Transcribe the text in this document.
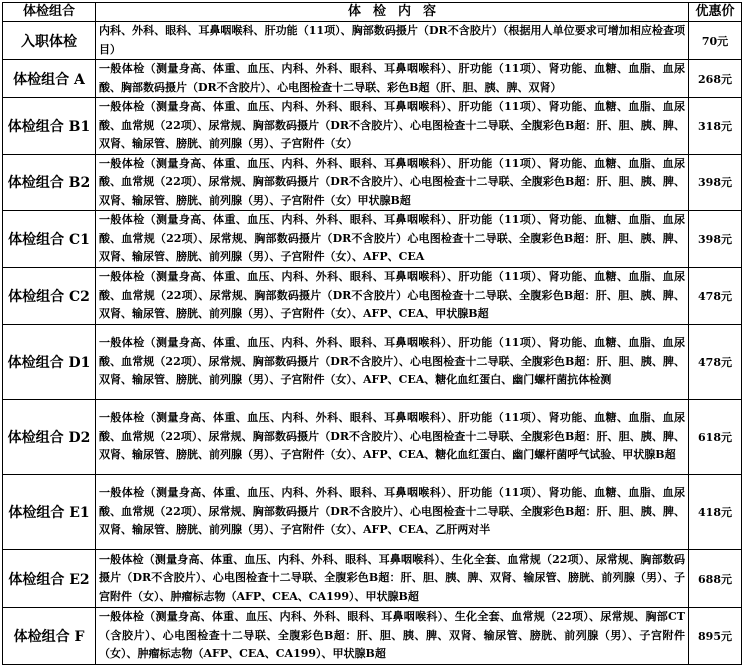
体检组合	体检内容	优惠价
入职体检	内科、外科、眼科、耳鼻咽喉科、肝功能（11项）、胸部数码摄片（DR不含胶片）（根据用人单位要求可增加相应检查项目）	70元
体检组合 A	一般体检（测量身高、体重、血压、内科、外科、眼科、耳鼻咽喉科）、肝功能（11项）、肾功能、血糖、血脂、血尿酸、胸部数码摄片（DR不含胶片）、心电图检查十二导联、彩色B超（肝、胆、胰、脾、双肾）	268元
体检组合 B1	一般体检（测量身高、体重、血压、内科、外科、眼科、耳鼻咽喉科）、肝功能（11项）、肾功能、血糖、血脂、血尿酸、血常规（22项）、尿常规、胸部数码摄片（DR不含胶片）、心电图检查十二导联、全腹彩色B超：肝、胆、胰、脾、双肾、输尿管、膀胱、前列腺（男）、子宫附件（女）	318元
体检组合 B2	一般体检（测量身高、体重、血压、内科、外科、眼科、耳鼻咽喉科）、肝功能（11项）、肾功能、血糖、血脂、血尿酸、血常规（22项）、尿常规、胸部数码摄片（DR不含胶片）、心电图检查十二导联、全腹彩色B超：肝、胆、胰、脾、双肾、输尿管、膀胱、前列腺（男）、子宫附件（女）甲状腺B超	398元
体检组合 C1	一般体检（测量身高、体重、血压、内科、外科、眼科、耳鼻咽喉科）、肝功能（11项）、肾功能、血糖、血脂、血尿酸、血常规（22项）、尿常规、胸部数码摄片（DR不含胶片）心电图检查十二导联、全腹彩色B超：肝、胆、胰、脾、双肾、输尿管、膀胱、前列腺（男）、子宫附件（女）、AFP、CEA	398元
体检组合 C2	一般体检（测量身高、体重、血压、内科、外科、眼科、耳鼻咽喉科）、肝功能（11项）、肾功能、血糖、血脂、血尿酸、血常规（22项）、尿常规、胸部数码摄片（DR不含胶片）心电图检查十二导联、全腹彩色B超：肝、胆、胰、脾、双肾、输尿管、膀胱、前列腺（男）、子宫附件（女）、AFP、CEA、甲状腺B超	478元
体检组合 D1	一般体检（测量身高、体重、血压、内科、外科、眼科、耳鼻咽喉科）、肝功能（11项）、肾功能、血糖、血脂、血尿酸、血常规（22项）、尿常规、胸部数码摄片（DR不含胶片）、心电图检查十二导联、全腹彩色B超：肝、胆、胰、脾、双肾、输尿管、膀胱、前列腺（男）、子宫附件（女）、AFP、CEA、糖化血红蛋白、幽门螺杆菌抗体检测	478元
体检组合 D2	一般体检（测量身高、体重、血压、内科、外科、眼科、耳鼻咽喉科）、肝功能（11项）、肾功能、血糖、血脂、血尿酸、血常规（22项）、尿常规、胸部数码摄片（DR不含胶片）、心电图检查十二导联、全腹彩色B超：肝、胆、胰、脾、双肾、输尿管、膀胱、前列腺（男）、子宫附件（女）、AFP、CEA、糖化血红蛋白、幽门螺杆菌呼气试验、甲状腺B超	618元
体检组合 E1	一般体检（测量身高、体重、血压、内科、外科、眼科、耳鼻咽喉科）、肝功能（11项）、肾功能、血糖、血脂、血尿酸、血常规（22项）、尿常规、胸部数码摄片（DR不含胶片）、心电图检查十二导联、全腹彩色B超：肝、胆、胰、脾、双肾、输尿管、膀胱、前列腺（男）、子宫附件（女）、AFP、CEA、乙肝两对半	418元
体检组合 E2	一般体检（测量身高、体重、血压、内科、外科、眼科、耳鼻咽喉科）、生化全套、血常规（22项）、尿常规、胸部数码摄片（DR不含胶片）、心电图检查十二导联、全腹彩色B超：肝、胆、胰、脾、双肾、输尿管、膀胱、前列腺（男）、子宫附件（女）、肿瘤标志物（AFP、CEA、CA199）、甲状腺B超	688元
体检组合 F	一般体检（测量身高、体重、血压、内科、外科、眼科、耳鼻咽喉科）、生化全套、血常规（22项）、尿常规、胸部CT（含胶片）、心电图检查十二导联、全腹彩色B超：肝、胆、胰、脾、双肾、输尿管、膀胱、前列腺（男）、子宫附件（女）、肿瘤标志物（AFP、CEA、CA199）、甲状腺B超	895元
